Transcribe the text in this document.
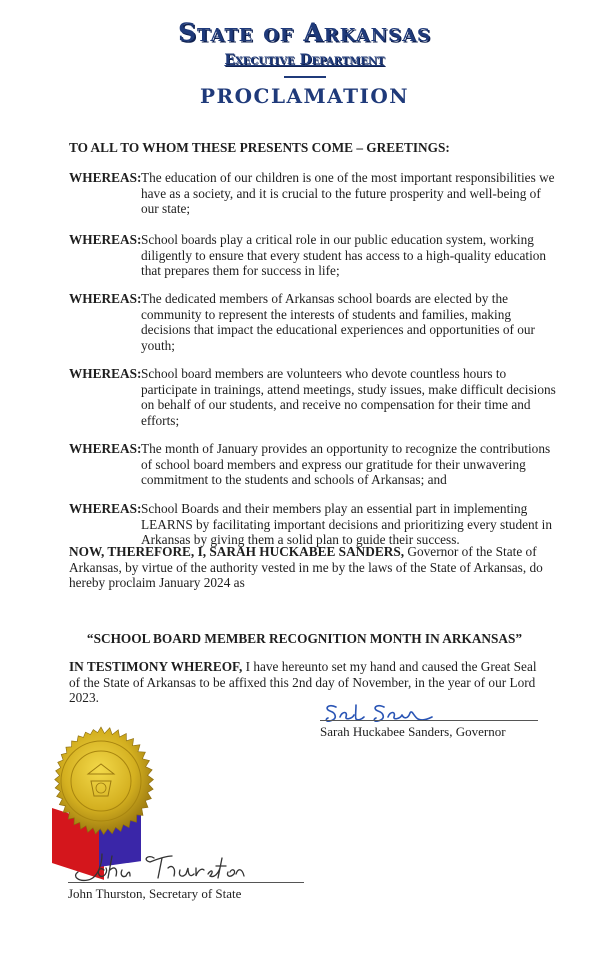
State of Arkansas
Executive Department
PROCLAMATION
TO ALL TO WHOM THESE PRESENTS COME – GREETINGS:
WHEREAS: The education of our children is one of the most important responsibilities we have as a society, and it is crucial to the future prosperity and well-being of our state;
WHEREAS: School boards play a critical role in our public education system, working diligently to ensure that every student has access to a high-quality education that prepares them for success in life;
WHEREAS: The dedicated members of Arkansas school boards are elected by the community to represent the interests of students and families, making decisions that impact the educational experiences and opportunities of our youth;
WHEREAS: School board members are volunteers who devote countless hours to participate in trainings, attend meetings, study issues, make difficult decisions on behalf of our students, and receive no compensation for their time and efforts;
WHEREAS: The month of January provides an opportunity to recognize the contributions of school board members and express our gratitude for their unwavering commitment to the students and schools of Arkansas; and
WHEREAS: School Boards and their members play an essential part in implementing LEARNS by facilitating important decisions and prioritizing every student in Arkansas by giving them a solid plan to guide their success.
NOW, THEREFORE, I, SARAH HUCKABEE SANDERS, Governor of the State of Arkansas, by virtue of the authority vested in me by the laws of the State of Arkansas, do hereby proclaim January 2024 as
“SCHOOL BOARD MEMBER RECOGNITION MONTH IN ARKANSAS”
IN TESTIMONY WHEREOF, I have hereunto set my hand and caused the Great Seal of the State of Arkansas to be affixed this 2nd day of November, in the year of our Lord 2023.
Sarah Huckabee Sanders, Governor
John Thurston, Secretary of State
